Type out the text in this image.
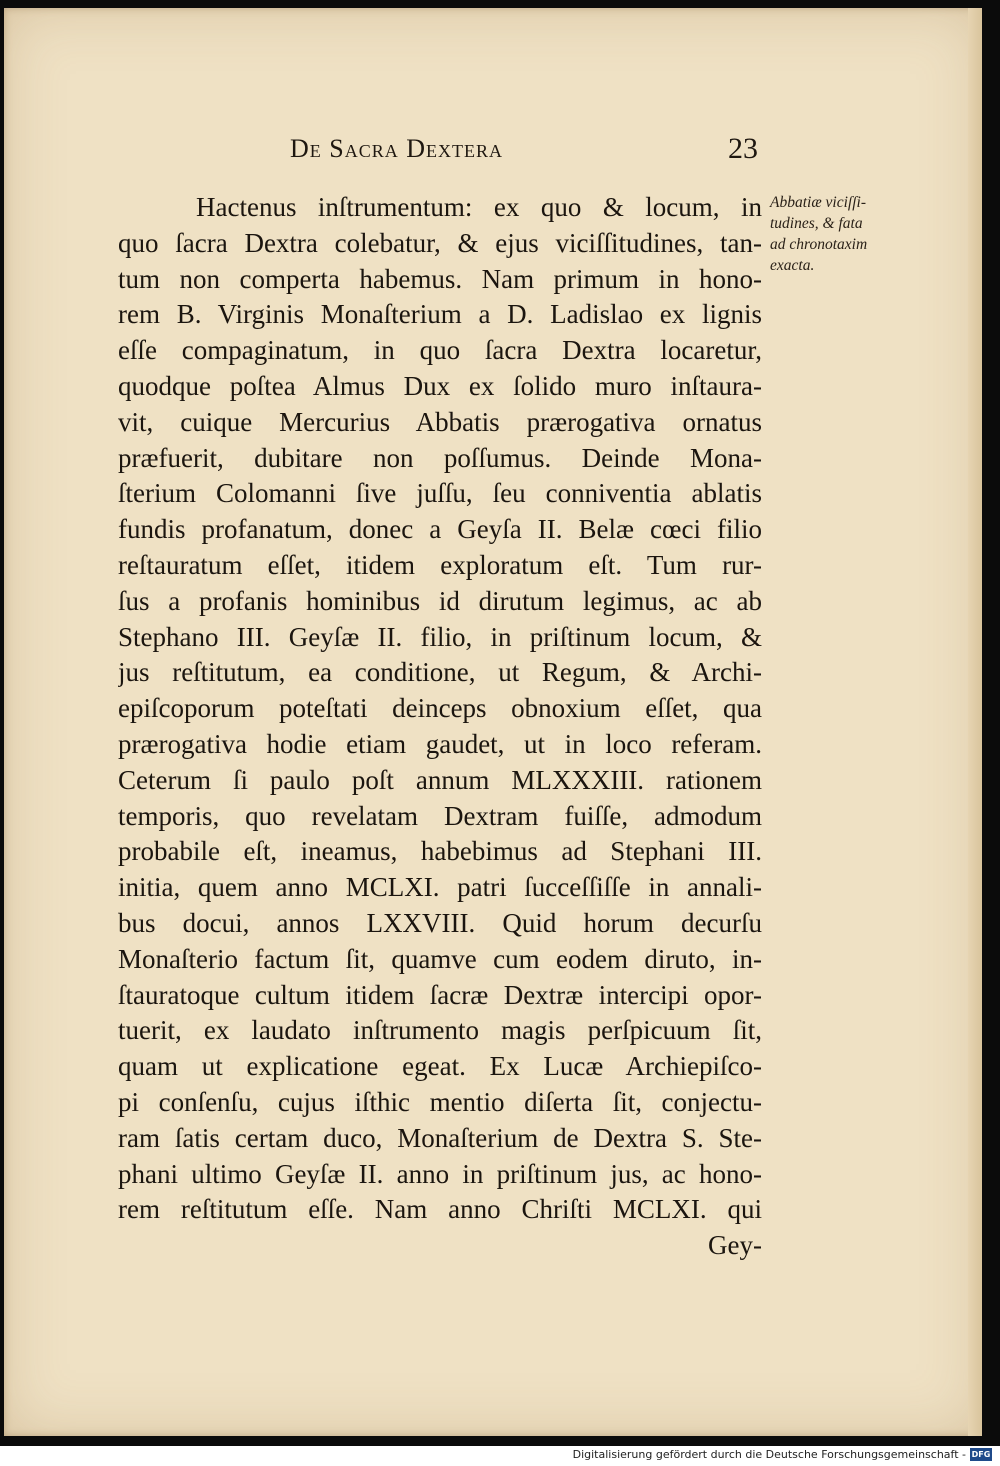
De Sacra Dextera	23
Abbatiæ viciſſi-
tudines, & fata
ad chronotaxim
exacta.
Hactenus inſtrumentum: ex quo & locum, in
quo ſacra Dextra colebatur, & ejus viciſſitudines, tan-
tum non comperta habemus. Nam primum in hono-
rem B. Virginis Monaſterium a D. Ladislao ex lignis
eſſe compaginatum, in quo ſacra Dextra locaretur,
quodque poſtea Almus Dux ex ſolido muro inſtaura-
vit, cuique Mercurius Abbatis prærogativa ornatus
præfuerit, dubitare non poſſumus. Deinde Mona-
ſterium Colomanni ſive juſſu, ſeu conniventia ablatis
fundis profanatum, donec a Geyſa II. Belæ cœci filio
reſtauratum eſſet, itidem exploratum eſt. Tum rur-
ſus a profanis hominibus id dirutum legimus, ac ab
Stephano III. Geyſæ II. filio, in priſtinum locum, &
jus reſtitutum, ea conditione, ut Regum, & Archi-
epiſcoporum poteſtati deinceps obnoxium eſſet, qua
prærogativa hodie etiam gaudet, ut in loco referam.
Ceterum ſi paulo poſt annum MLXXXIII. rationem
temporis, quo revelatam Dextram fuiſſe, admodum
probabile eſt, ineamus, habebimus ad Stephani III.
initia, quem anno MCLXI. patri ſucceſſiſſe in annali-
bus docui, annos LXXVIII. Quid horum decurſu
Monaſterio factum ſit, quamve cum eodem diruto, in-
ſtauratoque cultum itidem ſacræ Dextræ intercipi opor-
tuerit, ex laudato inſtrumento magis perſpicuum ſit,
quam ut explicatione egeat. Ex Lucæ Archiepiſco-
pi conſenſu, cujus iſthic mentio diſerta ſit, conjectu-
ram ſatis certam duco, Monaſterium de Dextra S. Ste-
phani ultimo Geyſæ II. anno in priſtinum jus, ac hono-
rem reſtitutum eſſe. Nam anno Chriſti MCLXI. qui
Gey-
Digitalisierung gefördert durch die Deutsche Forschungsgemeinschaft - DFG
